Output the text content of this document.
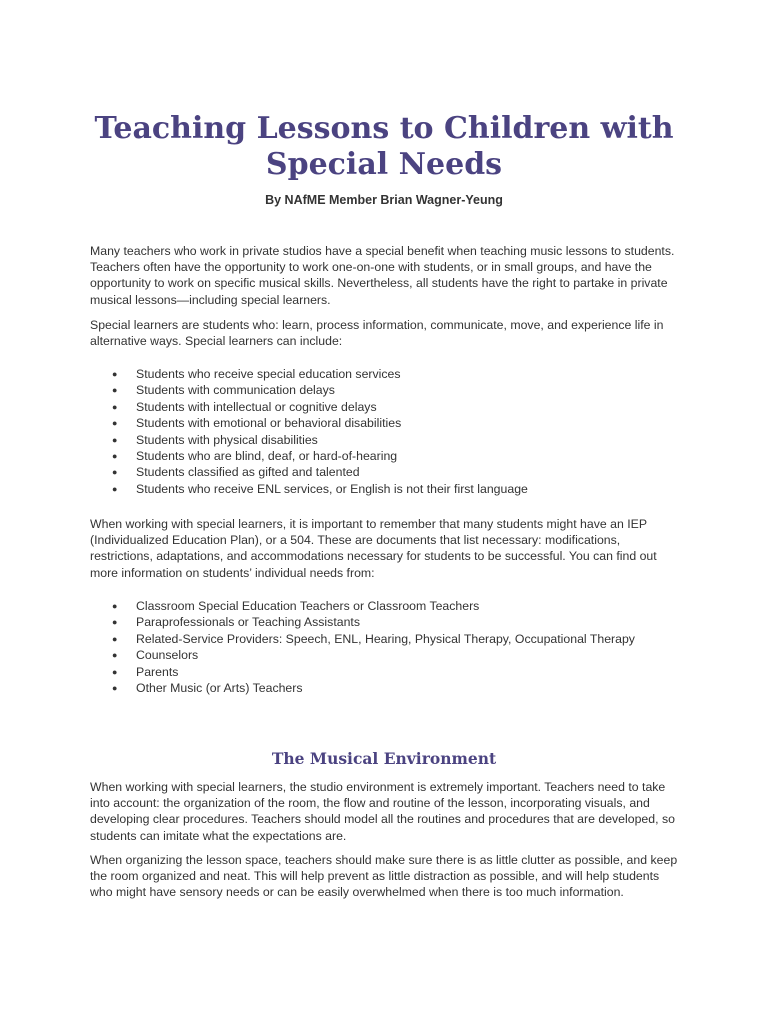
Teaching Lessons to Children with Special Needs
By NAfME Member Brian Wagner-Yeung

Many teachers who work in private studios have a special benefit when teaching music lessons to students. Teachers often have the opportunity to work one-on-one with students, or in small groups, and have the opportunity to work on specific musical skills. Nevertheless, all students have the right to partake in private musical lessons—including special learners.

Special learners are students who: learn, process information, communicate, move, and experience life in alternative ways. Special learners can include:

● Students who receive special education services
● Students with communication delays
● Students with intellectual or cognitive delays
● Students with emotional or behavioral disabilities
● Students with physical disabilities
● Students who are blind, deaf, or hard-of-hearing
● Students classified as gifted and talented
● Students who receive ENL services, or English is not their first language

When working with special learners, it is important to remember that many students might have an IEP (Individualized Education Plan), or a 504. These are documents that list necessary: modifications, restrictions, adaptations, and accommodations necessary for students to be successful. You can find out more information on students’ individual needs from:

● Classroom Special Education Teachers or Classroom Teachers
● Paraprofessionals or Teaching Assistants
● Related-Service Providers: Speech, ENL, Hearing, Physical Therapy, Occupational Therapy
● Counselors
● Parents
● Other Music (or Arts) Teachers
The Musical Environment

When working with special learners, the studio environment is extremely important. Teachers need to take into account: the organization of the room, the flow and routine of the lesson, incorporating visuals, and developing clear procedures. Teachers should model all the routines and procedures that are developed, so students can imitate what the expectations are.

When organizing the lesson space, teachers should make sure there is as little clutter as possible, and keep the room organized and neat. This will help prevent as little distraction as possible, and will help students who might have sensory needs or can be easily overwhelmed when there is too much information.
